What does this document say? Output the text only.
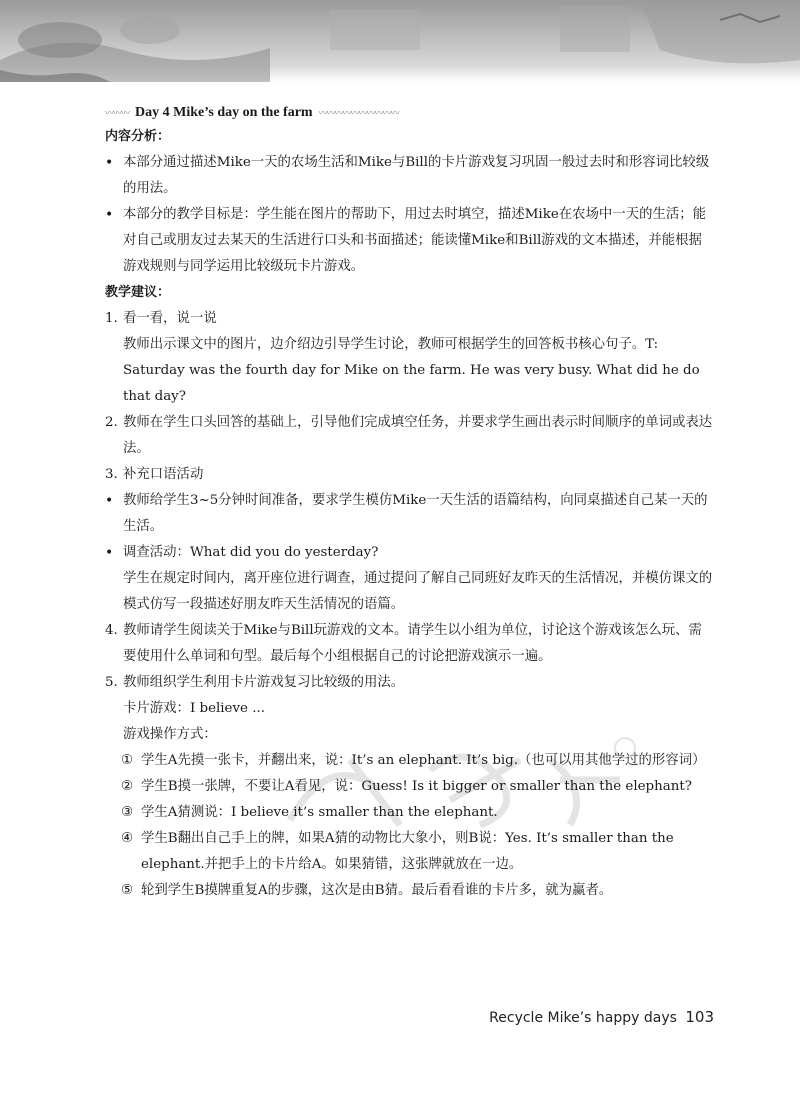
〰〰〰 Day 4 Mike’s day on the farm 〰〰〰〰〰〰〰〰〰〰
内容分析：
• 本部分通过描述Mike一天的农场生活和Mike与Bill的卡片游戏复习巩固一般过去时和形容词比较级的用法。
• 本部分的教学目标是：学生能在图片的帮助下，用过去时填空，描述Mike在农场中一天的生活；能对自己或朋友过去某天的生活进行口头和书面描述；能读懂Mike和Bill游戏的文本描述，并能根据游戏规则与同学运用比较级玩卡片游戏。
教学建议：
1. 看一看，说一说
教师出示课文中的图片，边介绍边引导学生讨论，教师可根据学生的回答板书核心句子。T: Saturday was the fourth day for Mike on the farm. He was very busy. What did he do that day?
2. 教师在学生口头回答的基础上，引导他们完成填空任务，并要求学生画出表示时间顺序的单词或表达法。
3. 补充口语活动
• 教师给学生3~5分钟时间准备，要求学生模仿Mike一天生活的语篇结构，向同桌描述自己某一天的生活。
• 调查活动：What did you do yesterday?
学生在规定时间内，离开座位进行调查，通过提问了解自己同班好友昨天的生活情况，并模仿课文的模式仿写一段描述好朋友昨天生活情况的语篇。
4. 教师请学生阅读关于Mike与Bill玩游戏的文本。请学生以小组为单位，讨论这个游戏该怎么玩、需要使用什么单词和句型。最后每个小组根据自己的讨论把游戏演示一遍。
5. 教师组织学生利用卡片游戏复习比较级的用法。
卡片游戏：I believe ...
游戏操作方式：
① 学生A先摸一张卡，并翻出来，说：It’s an elephant. It’s big.（也可以用其他学过的形容词）
② 学生B摸一张牌，不要让A看见，说：Guess! Is it bigger or smaller than the elephant?
③ 学生A猜测说：I believe it’s smaller than the elephant.
④ 学生B翻出自己手上的牌，如果A猜的动物比大象小，则B说：Yes. It’s smaller than the elephant.并把手上的卡片给A。如果猜错，这张牌就放在一边。
⑤ 轮到学生B摸牌重复A的步骤，这次是由B猜。最后看看谁的卡片多，就为赢者。
Recycle Mike’s happy days 103
